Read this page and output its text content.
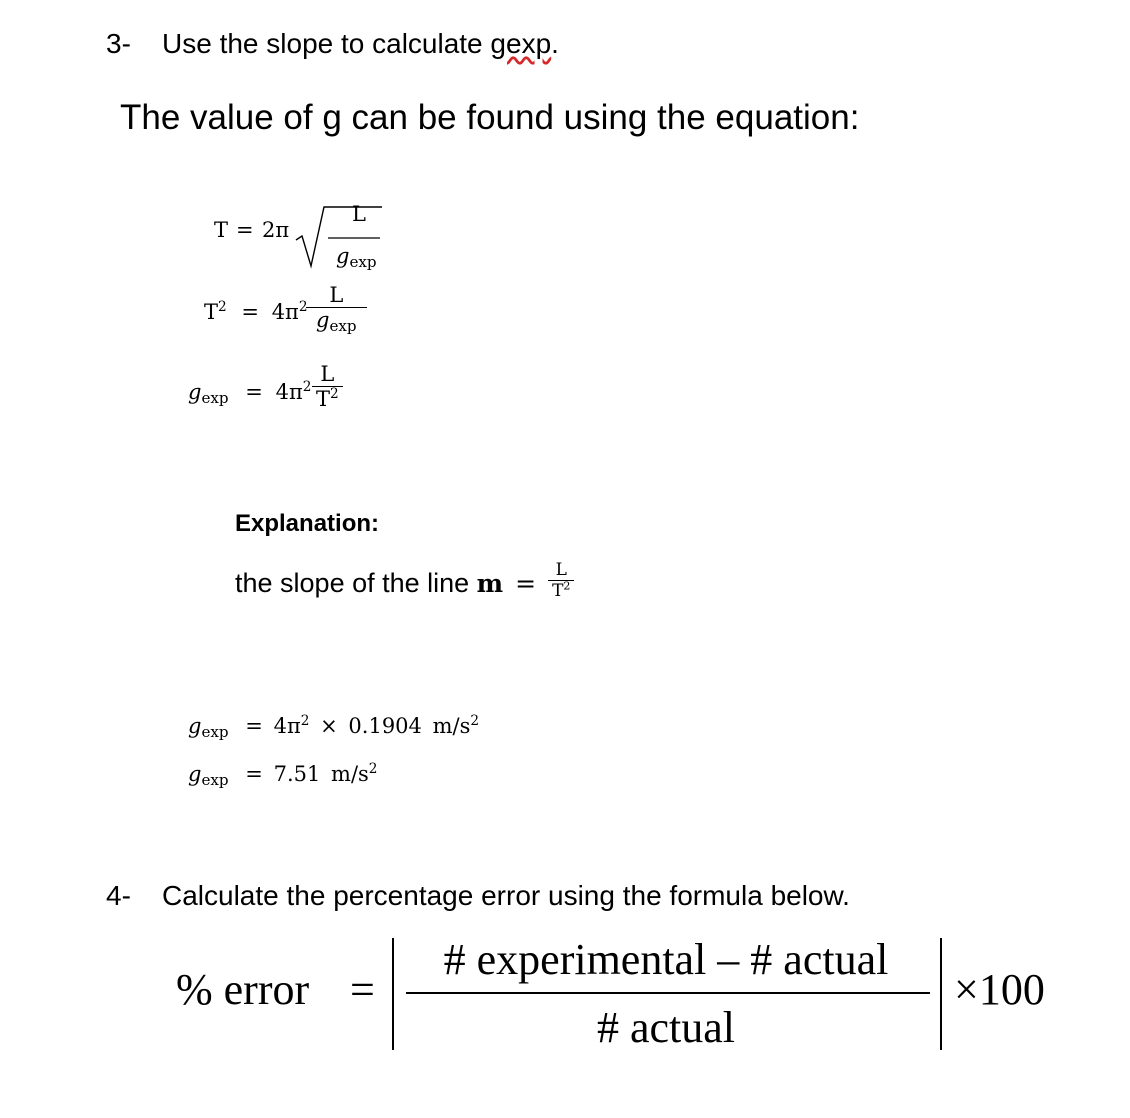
3- Use the slope to calculate gexp.
The value of g can be found using the equation:
T = 2π
L
$g_{exp}$
$T^2 = 4\pi^2$
$\frac{L}{g_{exp}}$
$g_{exp} = 4\pi^2 \frac{L}{T^2}$
Explanation:
the slope of the line $m = \frac{L}{T^2}$
$g_{exp} = 4\pi^2 \times 0.1904$ $m/s^2$
$g_{exp} = 7.51$ $m/s^2$
4- Calculate the percentage error using the formula below.
% error =
# experimental – # actual
# actual
×100
